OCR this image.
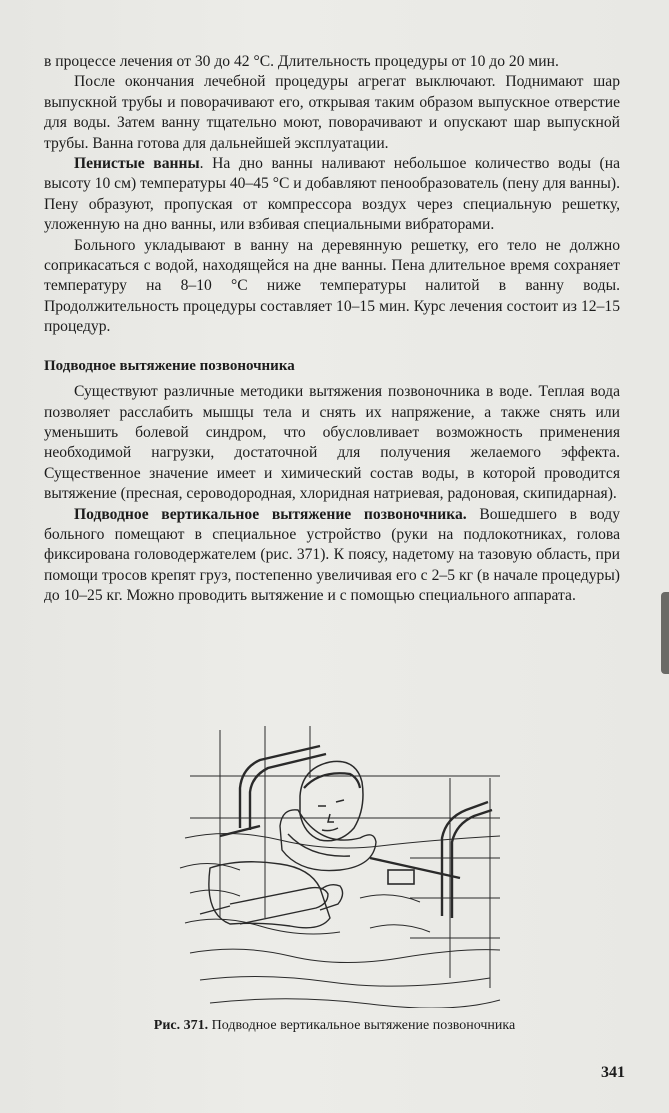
в процессе лечения от 30 до 42 °С. Длительность процедуры от 10 до 20 мин.

После окончания лечебной процедуры агрегат выключают. Поднимают шар выпускной трубы и поворачивают его, открывая таким образом выпускное отверстие для воды. Затем ванну тщательно моют, поворачивают и опускают шар выпускной трубы. Ванна готова для дальнейшей эксплуатации.

Пенистые ванны. На дно ванны наливают небольшое количество воды (на высоту 10 см) температуры 40–45 °С и добавляют пенообразователь (пену для ванны). Пену образуют, пропуская от компрессора воздух через специальную решетку, уложенную на дно ванны, или взбивая специальными вибраторами.

Больного укладывают в ванну на деревянную решетку, его тело не должно соприкасаться с водой, находящейся на дне ванны. Пена длительное время сохраняет температуру на 8–10 °С ниже температуры налитой в ванну воды. Продолжительность процедуры составляет 10–15 мин. Курс лечения состоит из 12–15 процедур.

Подводное вытяжение позвоночника

Существуют различные методики вытяжения позвоночника в воде. Теплая вода позволяет расслабить мышцы тела и снять их напряжение, а также снять или уменьшить болевой синдром, что обусловливает возможность применения необходимой нагрузки, достаточной для получения желаемого эффекта. Существенное значение имеет и химический состав воды, в которой проводится вытяжение (пресная, сероводородная, хлоридная натриевая, радоновая, скипидарная).

Подводное вертикальное вытяжение позвоночника. Вошедшего в воду больного помещают в специальное устройство (руки на подлокотниках, голова фиксирована головодержателем (рис. 371). К поясу, надетому на тазовую область, при помощи тросов крепят груз, постепенно увеличивая его с 2–5 кг (в начале процедуры) до 10–25 кг. Можно проводить вытяжение и с помощью специального аппарата.

Рис. 371. Подводное вертикальное вытяжение позвоночника
341
